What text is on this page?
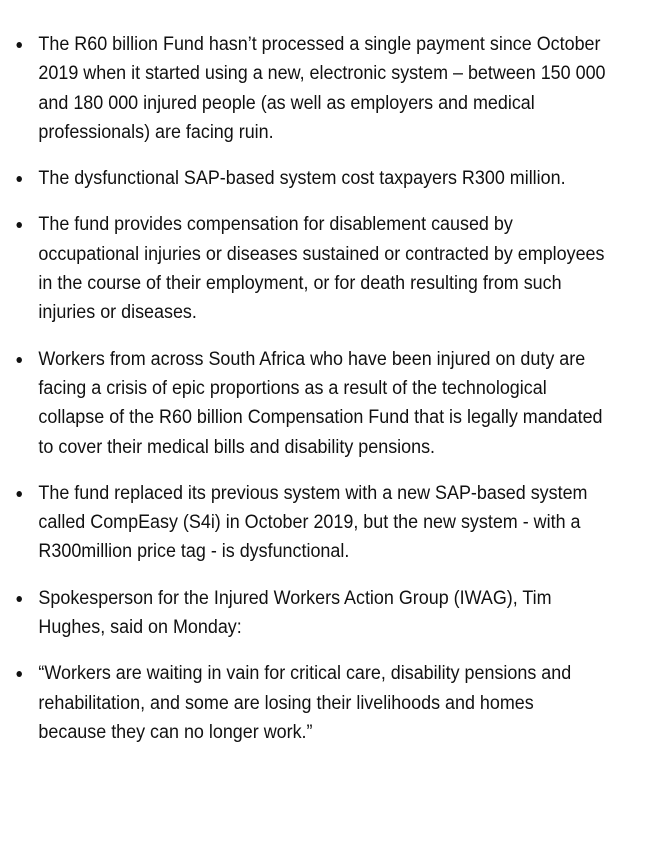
The R60 billion Fund hasn’t processed a single payment since October 2019 when it started using a new, electronic system – between 150 000 and 180 000 injured people (as well as employers and medical professionals) are facing ruin.
The dysfunctional SAP-based system cost taxpayers R300 million.
The fund provides compensation for disablement caused by occupational injuries or diseases sustained or contracted by employees in the course of their employment, or for death resulting from such injuries or diseases.
Workers from across South Africa who have been injured on duty are facing a crisis of epic proportions as a result of the technological collapse of the R60 billion Compensation Fund that is legally mandated to cover their medical bills and disability pensions.
The fund replaced its previous system with a new SAP-based system called CompEasy (S4i) in October 2019, but the new system - with a R300million price tag - is dysfunctional.
Spokesperson for the Injured Workers Action Group (IWAG), Tim Hughes, said on Monday:
“Workers are waiting in vain for critical care, disability pensions and rehabilitation, and some are losing their livelihoods and homes because they can no longer work.”
